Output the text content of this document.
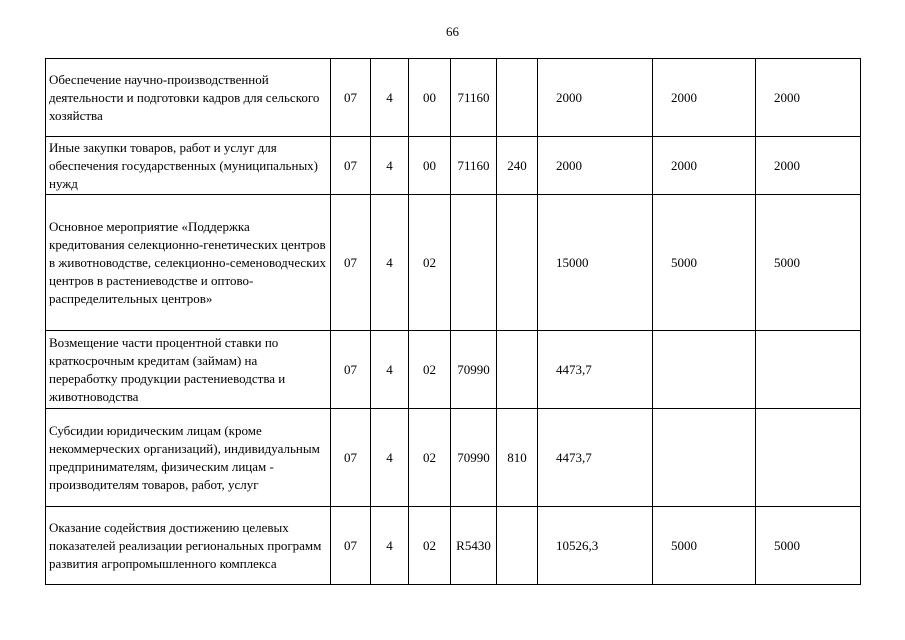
66
Обеспечение научно-производственной деятельности и подготовки кадров для сельского хозяйства	07	4	00	71160		2000	2000	2000
Иные закупки товаров, работ и услуг для обеспечения государственных (муниципальных) нужд	07	4	00	71160	240	2000	2000	2000
Основное мероприятие «Поддержка кредитования селекционно-генетических центров в животноводстве, селекционно-семеноводческих центров в растениеводстве и оптово-распределительных центров»	07	4	02			15000	5000	5000
Возмещение части процентной ставки по краткосрочным кредитам (займам) на переработку продукции растениеводства и животноводства	07	4	02	70990		4473,7		
Субсидии юридическим лицам (кроме некоммерческих организаций), индивидуальным предпринимателям, физическим лицам - производителям товаров, работ, услуг	07	4	02	70990	810	4473,7		
Оказание содействия достижению целевых показателей реализации региональных программ развития агропромышленного комплекса	07	4	02	R5430		10526,3	5000	5000
